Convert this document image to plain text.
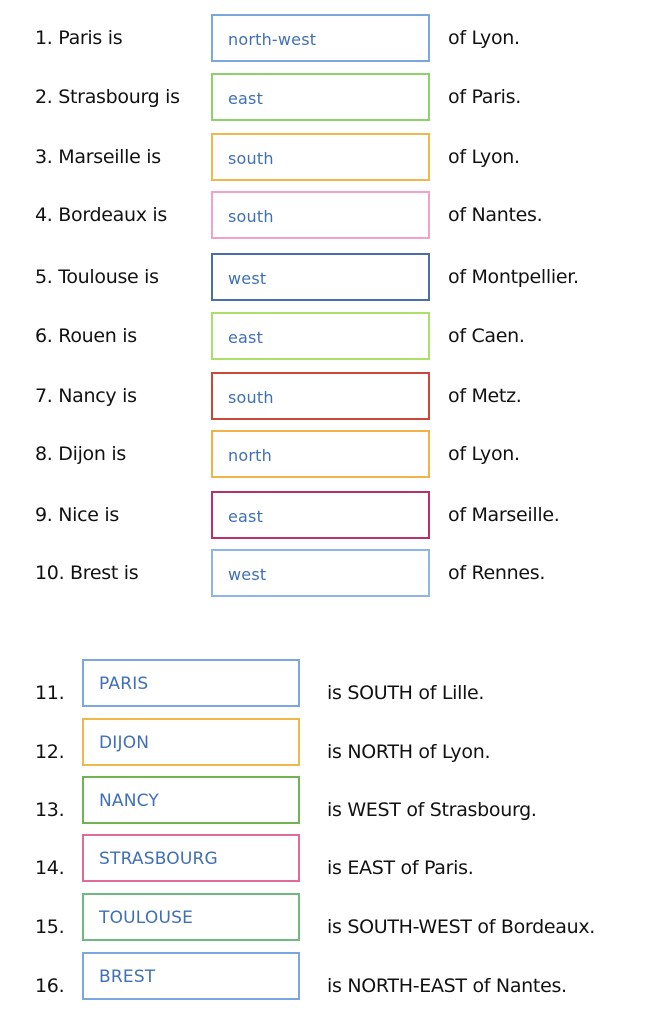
1. Paris is	north-west	of Lyon.
2. Strasbourg is	east	of Paris.
3. Marseille is	south	of Lyon.
4. Bordeaux is	south	of Nantes.
5. Toulouse is	west	of Montpellier.
6. Rouen is	east	of Caen.
7. Nancy is	south	of Metz.
8. Dijon is	north	of Lyon.
9. Nice is	east	of Marseille.
10. Brest is	west	of Rennes.
11. PARIS	is SOUTH of Lille.
12. DIJON	is NORTH of Lyon.
13. NANCY	is WEST of Strasbourg.
14. STRASBOURG	is EAST of Paris.
15. TOULOUSE	is SOUTH-WEST of Bordeaux.
16. BREST	is NORTH-EAST of Nantes.
